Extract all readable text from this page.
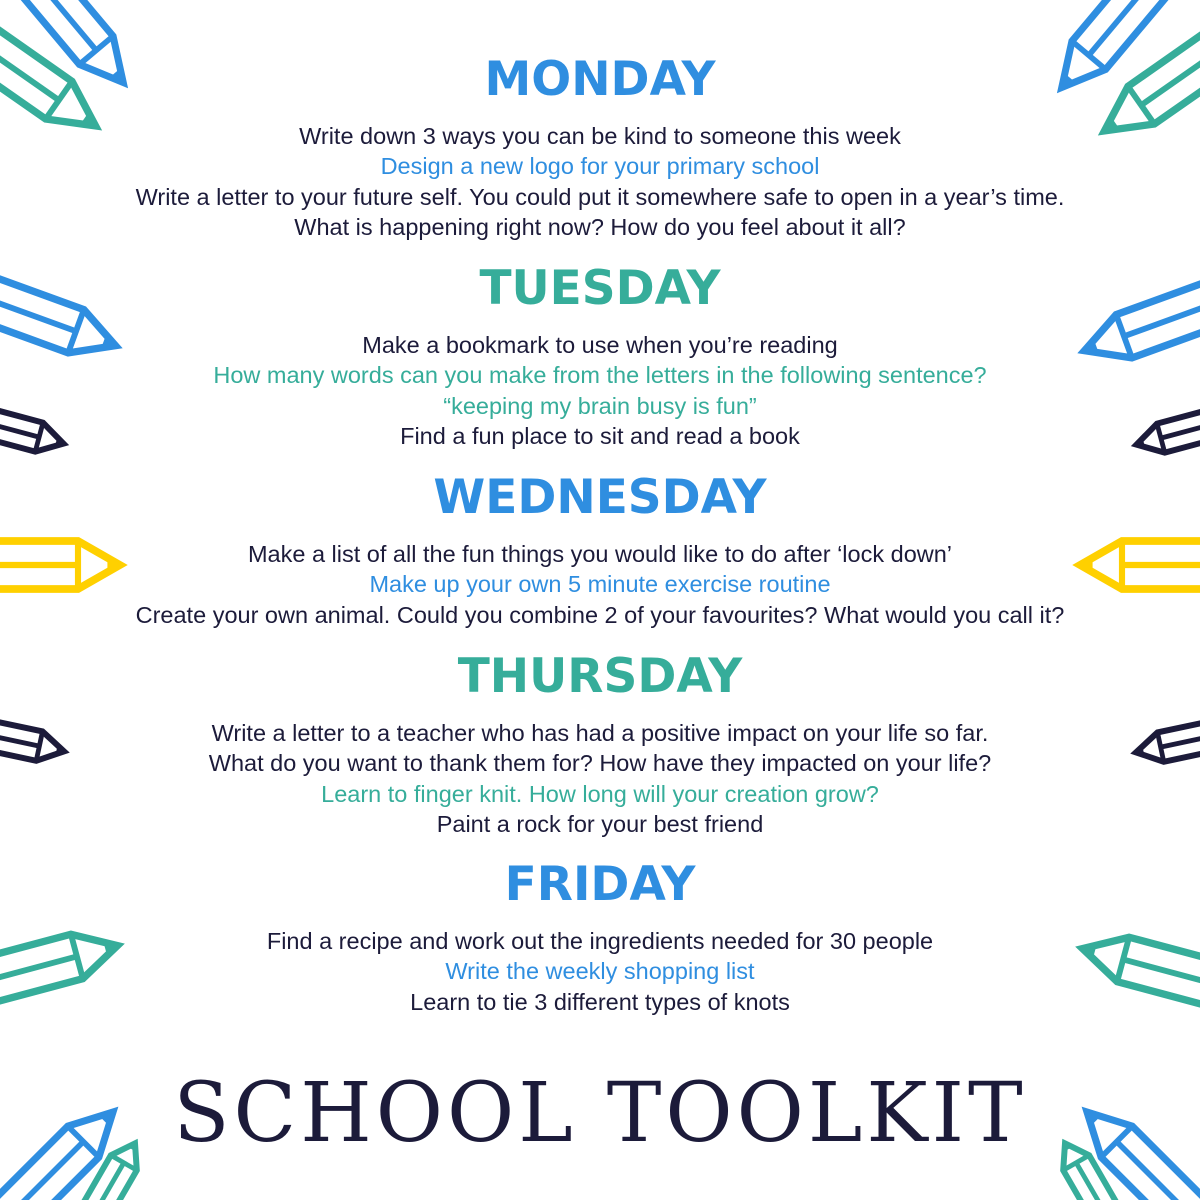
MONDAY
Write down 3 ways you can be kind to someone this week
Design a new logo for your primary school
Write a letter to your future self. You could put it somewhere safe to open in a year’s time.
What is happening right now? How do you feel about it all?
TUESDAY
Make a bookmark to use when you’re reading
How many words can you make from the letters in the following sentence?
“keeping my brain busy is fun”
Find a fun place to sit and read a book
WEDNESDAY
Make a list of all the fun things you would like to do after ‘lock down’
Make up your own 5 minute exercise routine
Create your own animal. Could you combine 2 of your favourites? What would you call it?
THURSDAY
Write a letter to a teacher who has had a positive impact on your life so far.
What do you want to thank them for? How have they impacted on your life?
Learn to finger knit. How long will your creation grow?
Paint a rock for your best friend
FRIDAY
Find a recipe and work out the ingredients needed for 30 people
Write the weekly shopping list
Learn to tie 3 different types of knots
SCHOOL TOOLKIT
